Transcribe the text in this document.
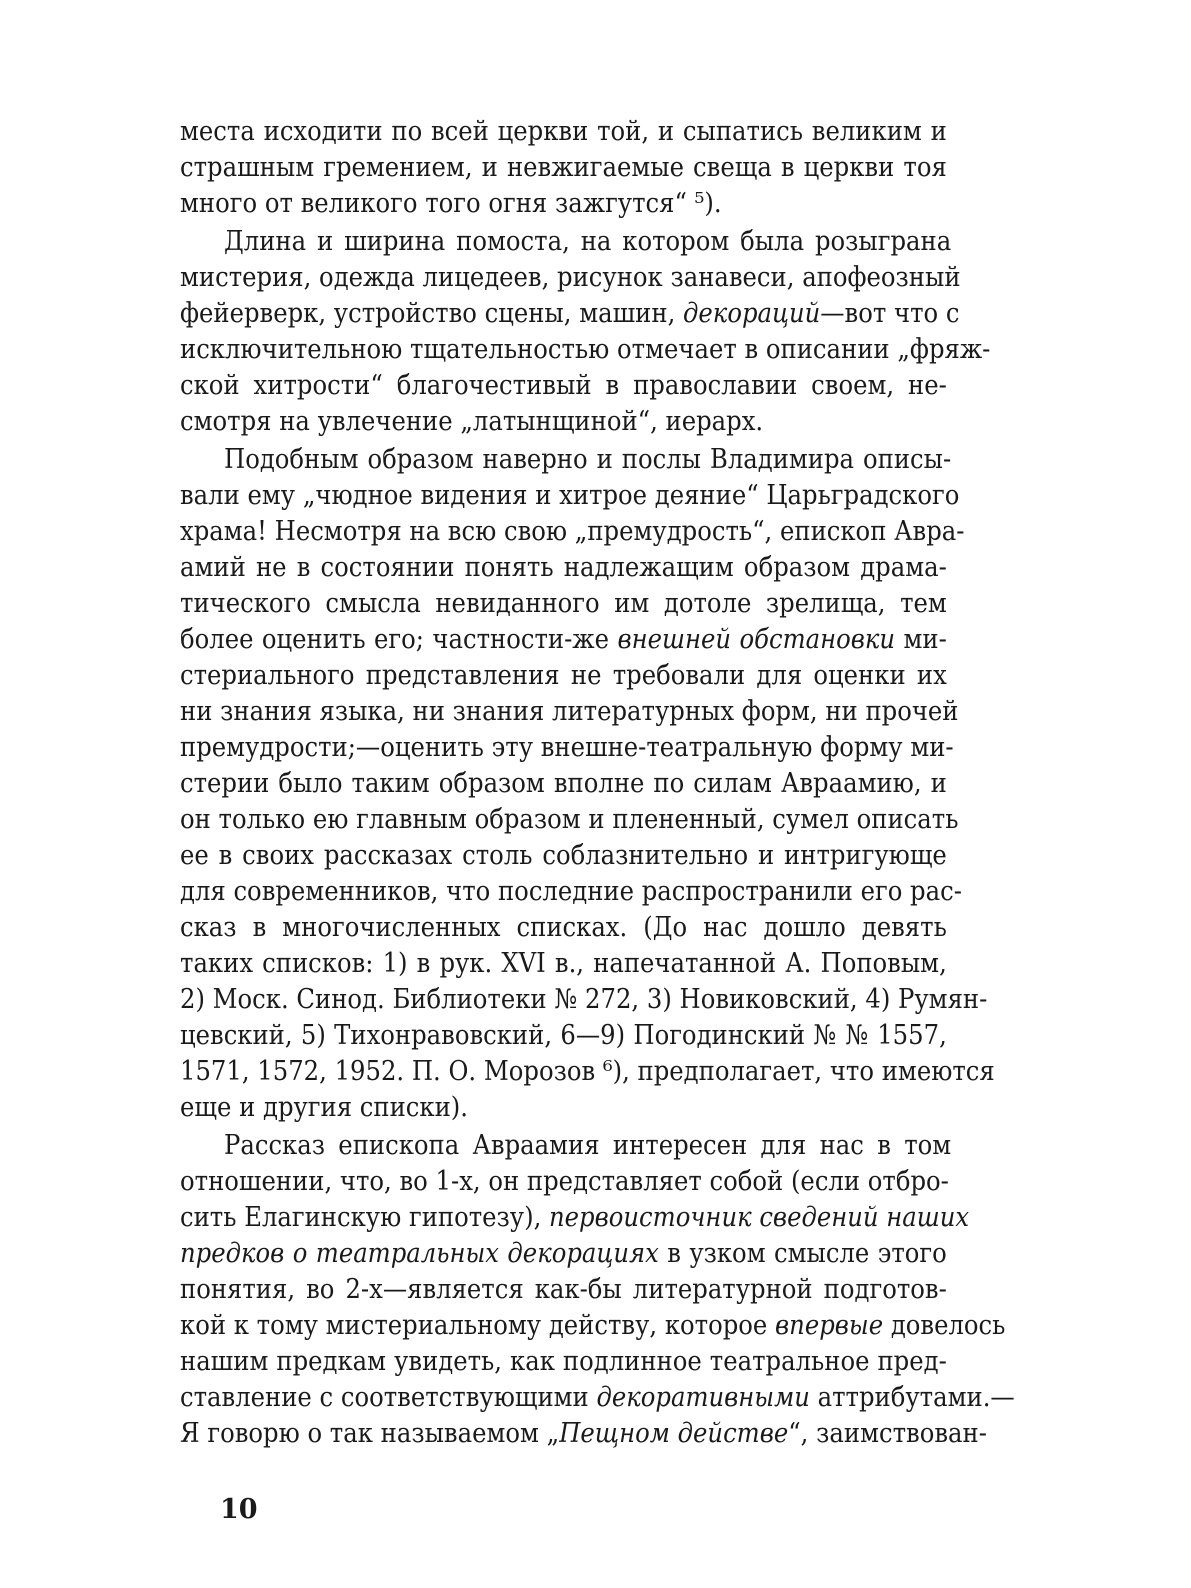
места исходити по всей церкви той, и сыпатись великим и
страшным гремением, и невжигаемые свеща в церкви тоя
много от великого того огня зажгутся“ ⁵).
Длина и ширина помоста, на котором была розыграна
мистерия, одежда лицедеев, рисунок занавеси, апофеозный
фейерверк, устройство сцены, машин, декораций—вот что с
исключительною тщательностью отмечает в описании „фряж-
ской хитрости“ благочестивый в православии своем, не-
смотря на увлечение „латынщиной“, иерарх.
Подобным образом наверно и послы Владимира описы-
вали ему „чюдное видения и хитрое деяние“ Царьградского
храма! Несмотря на всю свою „премудрость“, епископ Авра-
амий не в состоянии понять надлежащим образом драма-
тического смысла невиданного им дотоле зрелища, тем
более оценить его; частности-же внешней обстановки ми-
стериального представления не требовали для оценки их
ни знания языка, ни знания литературных форм, ни прочей
премудрости;—оценить эту внешне-театральную форму ми-
стерии было таким образом вполне по силам Авраамию, и
он только ею главным образом и плененный, сумел описать
ее в своих рассказах столь соблазнительно и интригующе
для современников, что последние распространили его рас-
сказ в многочисленных списках. (До нас дошло девять
таких списков: 1) в рук. XVI в., напечатанной А. Поповым,
2) Моск. Синод. Библиотеки № 272, 3) Новиковский, 4) Румян-
цевский, 5) Тихонравовский, 6—9) Погодинский № № 1557,
1571, 1572, 1952. П. О. Морозов ⁶), предполагает, что имеются
еще и другия списки).
Рассказ епископа Авраамия интересен для нас в том
отношении, что, во 1-х, он представляет собой (если отбро-
сить Елагинскую гипотезу), первоисточник сведений наших
предков о театральных декорациях в узком смысле этого
понятия, во 2-х—является как-бы литературной подготов-
кой к тому мистериальному действу, которое впервые довелось
нашим предкам увидеть, как подлинное театральное пред-
ставление с соответствующими декоративными аттрибутами.—
Я говорю о так называемом „Пещном действе“, заимствован-
10
